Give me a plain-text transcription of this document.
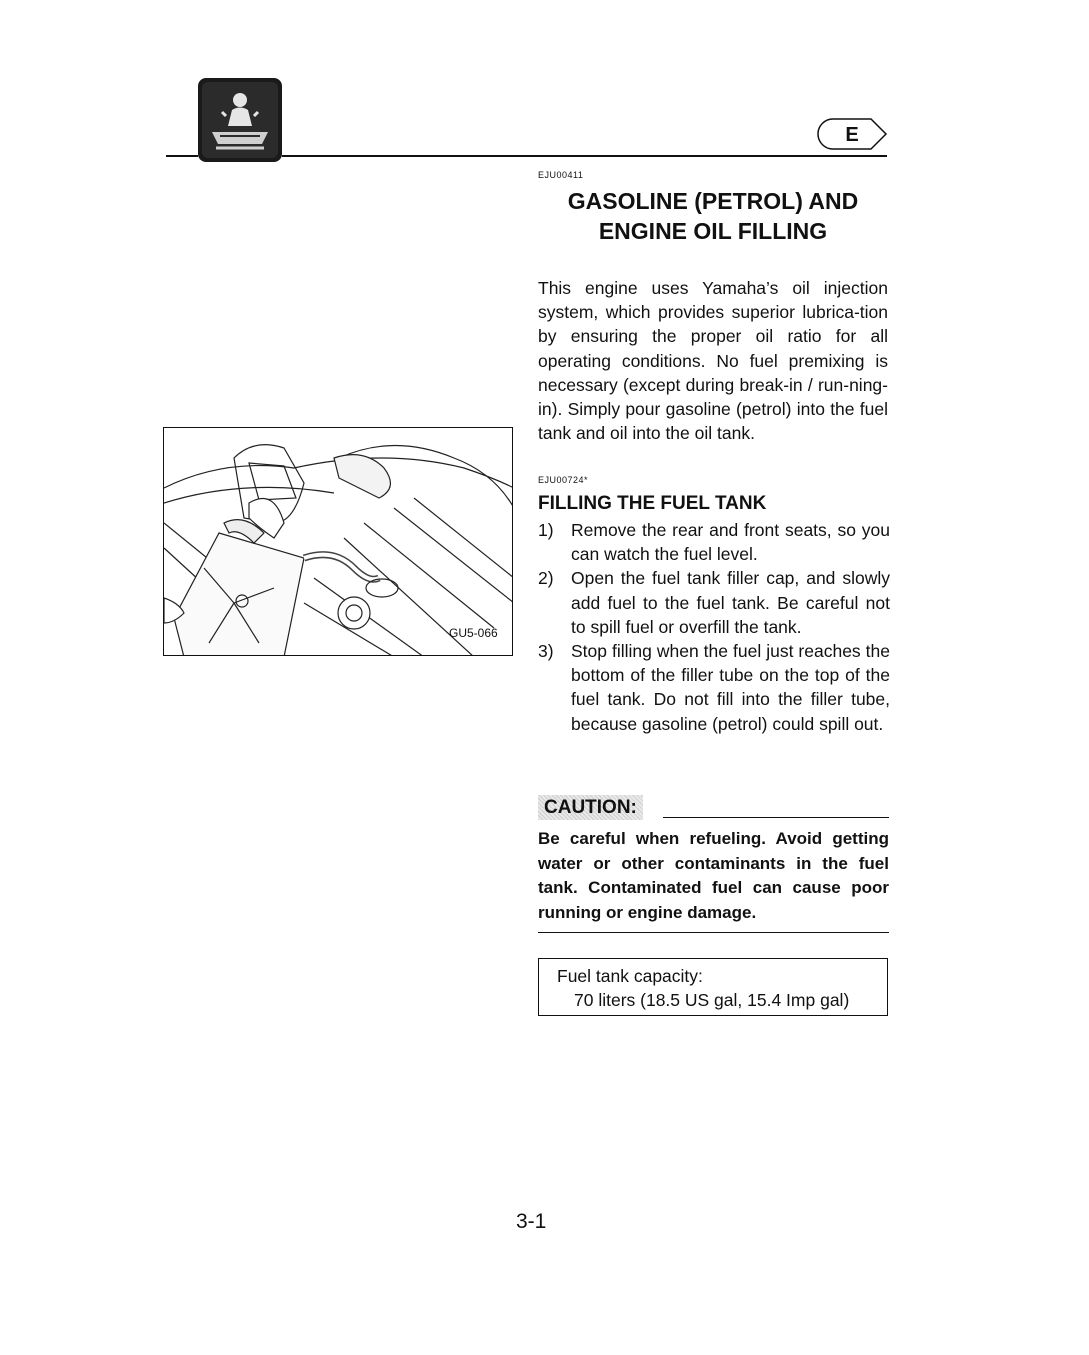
E
EJU00411
GASOLINE (PETROL) AND
ENGINE OIL FILLING

This engine uses Yamaha’s oil injection system, which provides superior lubrica-tion by ensuring the proper oil ratio for all operating conditions. No fuel premixing is necessary (except during break-in / run-ning-in). Simply pour gasoline (petrol) into the fuel tank and oil into the oil tank.

EJU00724*
FILLING THE FUEL TANK
1) Remove the rear and front seats, so you can watch the fuel level.
2) Open the fuel tank filler cap, and slowly add fuel to the fuel tank. Be careful not to spill fuel or overfill the tank.
3) Stop filling when the fuel just reaches the bottom of the filler tube on the top of the fuel tank. Do not fill into the filler tube, because gasoline (petrol) could spill out.
CAUTION:

Be careful when refueling. Avoid getting water or other contaminants in the fuel tank. Contaminated fuel can cause poor running or engine damage.

Fuel tank capacity:
70 liters (18.5 US gal, 15.4 Imp gal)
GU5-066
3-1
